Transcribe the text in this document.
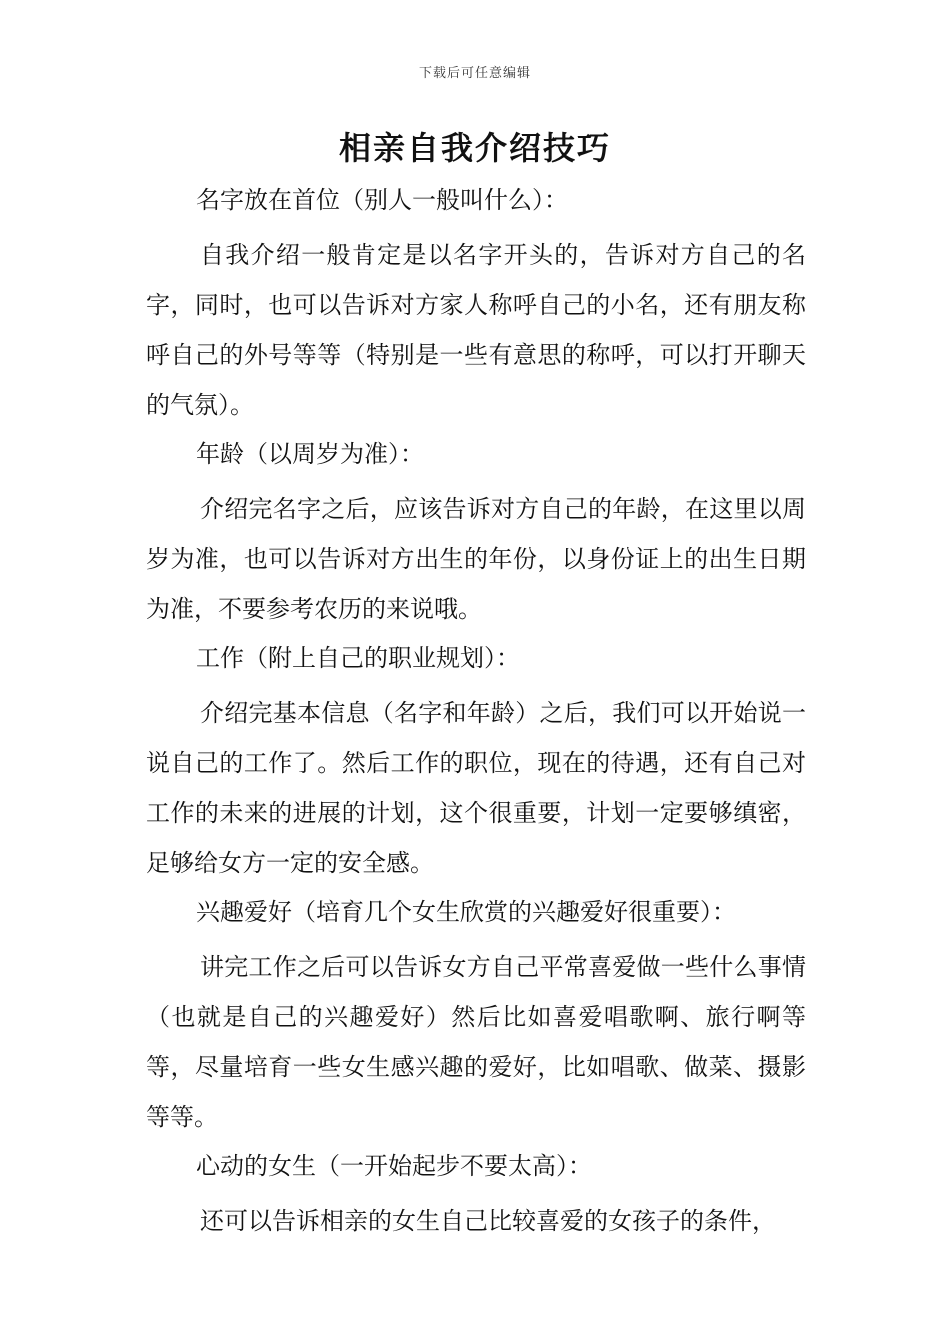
下载后可任意编辑
相亲自我介绍技巧

名字放在首位（别人一般叫什么）：

自我介绍一般肯定是以名字开头的，告诉对方自己的名字，同时，也可以告诉对方家人称呼自己的小名，还有朋友称呼自己的外号等等（特别是一些有意思的称呼，可以打开聊天的气氛）。

年龄（以周岁为准）：

介绍完名字之后，应该告诉对方自己的年龄，在这里以周岁为准，也可以告诉对方出生的年份，以身份证上的出生日期为准，不要参考农历的来说哦。

工作（附上自己的职业规划）：

介绍完基本信息（名字和年龄）之后，我们可以开始说一说自己的工作了。然后工作的职位，现在的待遇，还有自己对工作的未来的进展的计划，这个很重要，计划一定要够缜密，足够给女方一定的安全感。

兴趣爱好（培育几个女生欣赏的兴趣爱好很重要）：

讲完工作之后可以告诉女方自己平常喜爱做一些什么事情（也就是自己的兴趣爱好）然后比如喜爱唱歌啊、旅行啊等等，尽量培育一些女生感兴趣的爱好，比如唱歌、做菜、摄影等等。

心动的女生（一开始起步不要太高）：

还可以告诉相亲的女生自己比较喜爱的女孩子的条件，
